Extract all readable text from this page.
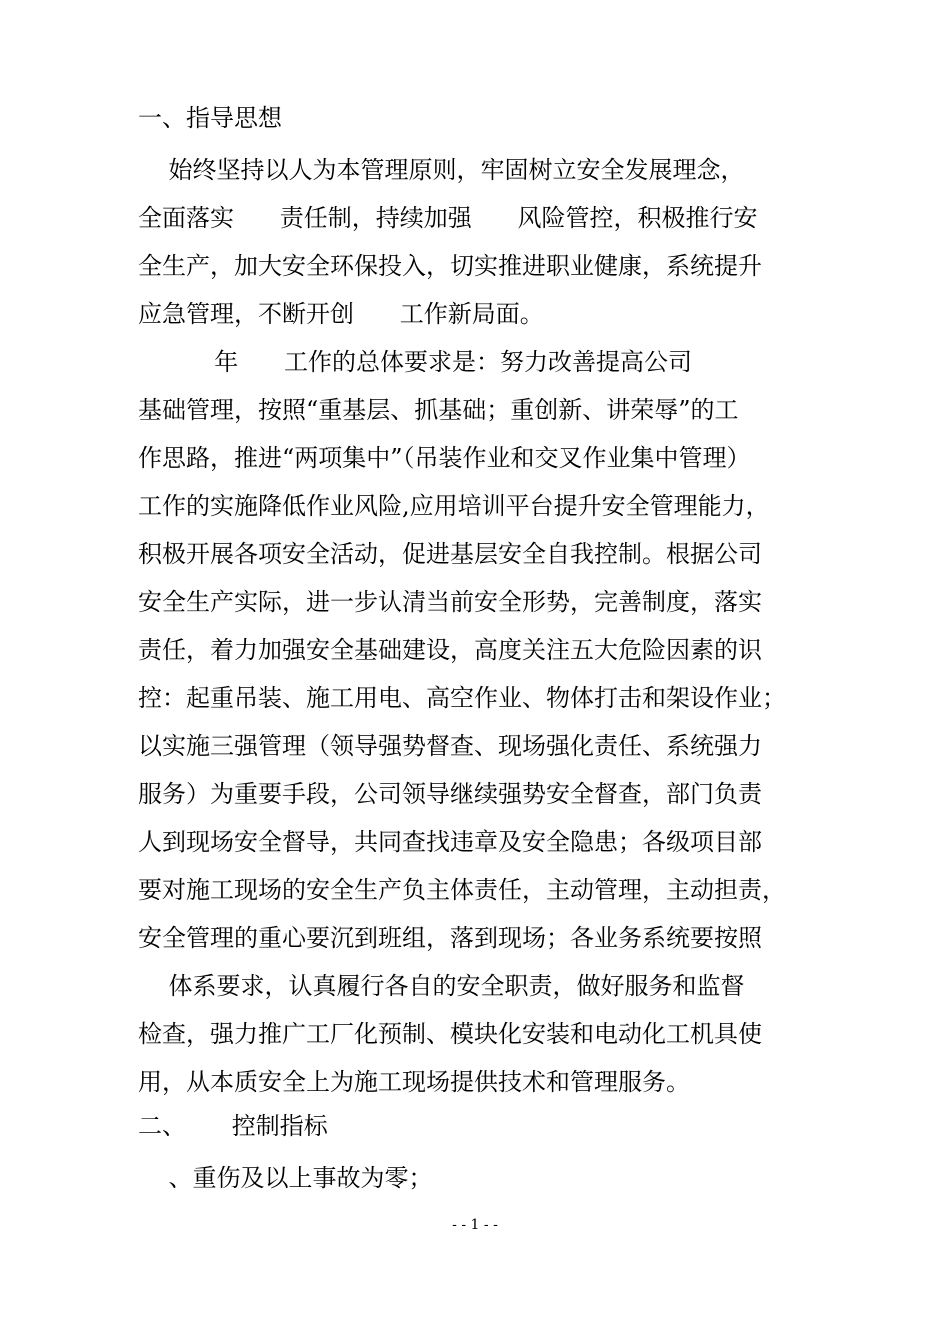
一、指导思想
始终坚持以人为本管理原则，牢固树立安全发展理念，
全面落实      责任制，持续加强      风险管控，积极推行安
全生产，加大安全环保投入，切实推进职业健康，系统提升
应急管理，不断开创      工作新局面。
年      工作的总体要求是：努力改善提高公司
基础管理，按照“重基层、抓基础；重创新、讲荣辱”的工
作思路，推进“两项集中”（吊装作业和交叉作业集中管理）
工作的实施降低作业风险,应用培训平台提升安全管理能力，
积极开展各项安全活动，促进基层安全自我控制。根据公司
安全生产实际，进一步认清当前安全形势，完善制度，落实
责任，着力加强安全基础建设，高度关注五大危险因素的识
控：起重吊装、施工用电、高空作业、物体打击和架设作业；
以实施三强管理（领导强势督查、现场强化责任、系统强力
服务）为重要手段，公司领导继续强势安全督查，部门负责
人到现场安全督导，共同查找违章及安全隐患；各级项目部
要对施工现场的安全生产负主体责任，主动管理，主动担责，
安全管理的重心要沉到班组，落到现场；各业务系统要按照
体系要求，认真履行各自的安全职责，做好服务和监督
检查，强力推广工厂化预制、模块化安装和电动化工机具使
用，从本质安全上为施工现场提供技术和管理服务。
二、      控制指标
、重伤及以上事故为零；
- - 1 - -
